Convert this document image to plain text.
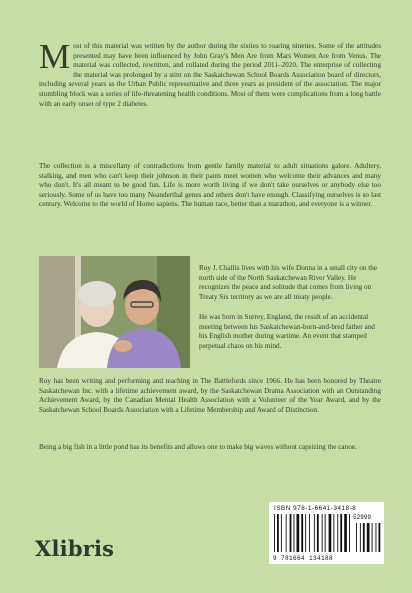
Most of this material was written by the author during the sixties to roaring nineties. Some of the attitudes presented may have been influenced by John Gray's Men Are from Mars Women Are from Venus. The material was collected, rewritten, and collated during the period 2011–2020. The enterprise of collecting the material was prolonged by a stint on the Saskatchewan School Boards Association board of directors, including several years as the Urban Public representative and three years as president of the association. The major stumbling block was a series of life-threatening health conditions. Most of them were complications from a long battle with an early onset of type 2 diabetes.

The collection is a miscellany of contradictions from gentle family material to adult situations galore. Adultery, stalking, and men who can't keep their johnson in their pants meet women who welcome their advances and many who don't. It's all meant to be good fun. Life is more worth living if we don't take ourselves or anybody else too seriously. Some of us have too many Neanderthal genes and others don't have enough. Classifying ourselves is so last century. Welcome to the world of Homo sapiens. The human race, better than a marathon, and everyone is a winner.

Roy J. Challis lives with his wife Donna in a small city on the north side of the North Saskatchewan River Valley. He recognizes the peace and solitude that comes from living on Treaty Six territory as we are all treaty people.

He was born in Surrey, England, the result of an accidental meeting between his Saskatchewan-born-and-bred father and his English mother during wartime. An event that stamped perpetual chaos on his mind.

Roy has been writing and performing and teaching in The Battlefords since 1966. He has been honored by Theatre Saskatchewan Inc. with a lifetime achievement award, by the Saskatchewan Drama Association with an Outstanding Achievement Award, by the Canadian Mental Health Association with a Volunteer of the Year Award, and by the Saskatchewan School Boards Association with a Lifetime Membership and Award of Distinction.

Being a big fish in a little pond has its benefits and allows one to make big waves without capsizing the canoe.

ISBN 978-1-6641-3418-8
52999
9 781664 134188
Xlibris
